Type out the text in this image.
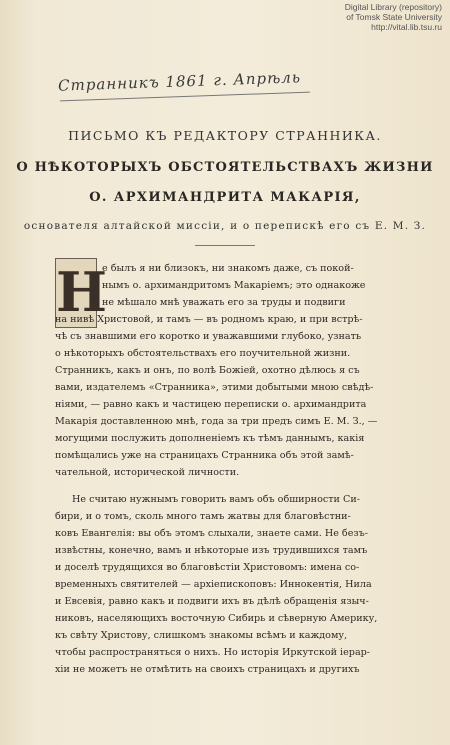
Digital Library (repository)
of Tomsk State University
http://vital.lib.tsu.ru
Странникъ 1861 г. Апрѣль
ПИСЬМО КЪ РЕДАКТОРУ СТРАННИКА.
О НѢКОТОРЫХЪ ОБСТОЯТЕЛЬСТВАХЪ ЖИЗНИ
О. АРХИМАНДРИТА МАКАРІЯ,
основателя алтайской миссіи, и о перепискѣ его съ Е. М. З.
Н
е былъ я ни близокъ, ни знакомъ даже, съ покой-
нымъ о. архимандритомъ Макаріемъ; это однакоже
не мѣшало мнѣ уважать его за труды и подвиги
на нивѣ Христовой, и тамъ — въ родномъ краю, и при встрѣ-
чѣ съ знавшими его коротко и уважавшими глубоко, узнать
о нѣкоторыхъ обстоятельствахъ его поучительной жизни.
Странникъ, какъ и онъ, по волѣ Божіей, охотно дѣлюсь я съ
вами, издателемъ «Странника», этими добытыми мною свѣдѣ-
ніями, — равно какъ и частицею переписки о. архимандрита
Макарія доставленною мнѣ, года за три предъ симъ Е. М. З., —
могущими послужить дополненіемъ къ тѣмъ даннымъ, какія
помѣщались уже на страницахъ Странника объ этой замѣ-
чательной, исторической личности.
Не считаю нужнымъ говорить вамъ объ обширности Си-
бири, и о томъ, сколь много тамъ жатвы для благовѣстни-
ковъ Евангелія: вы объ этомъ слыхали, знаете сами. Не безъ-
извѣстны, конечно, вамъ и нѣкоторые изъ трудившихся тамъ
и доселѣ трудящихся во благовѣстіи Христовомъ: имена со-
временныхъ святителей — архіепископовъ: Иннокентія, Нила
и Евсевія, равно какъ и подвиги ихъ въ дѣлѣ обращенія языч-
никовъ, населяющихъ восточную Сибирь и сѣверную Америку,
къ свѣту Христову, слишкомъ знакомы всѣмъ и каждому,
чтобы распространяться о нихъ. Но исторія Иркутской іерар-
хіи не можетъ не отмѣтить на своихъ страницахъ и другихъ
